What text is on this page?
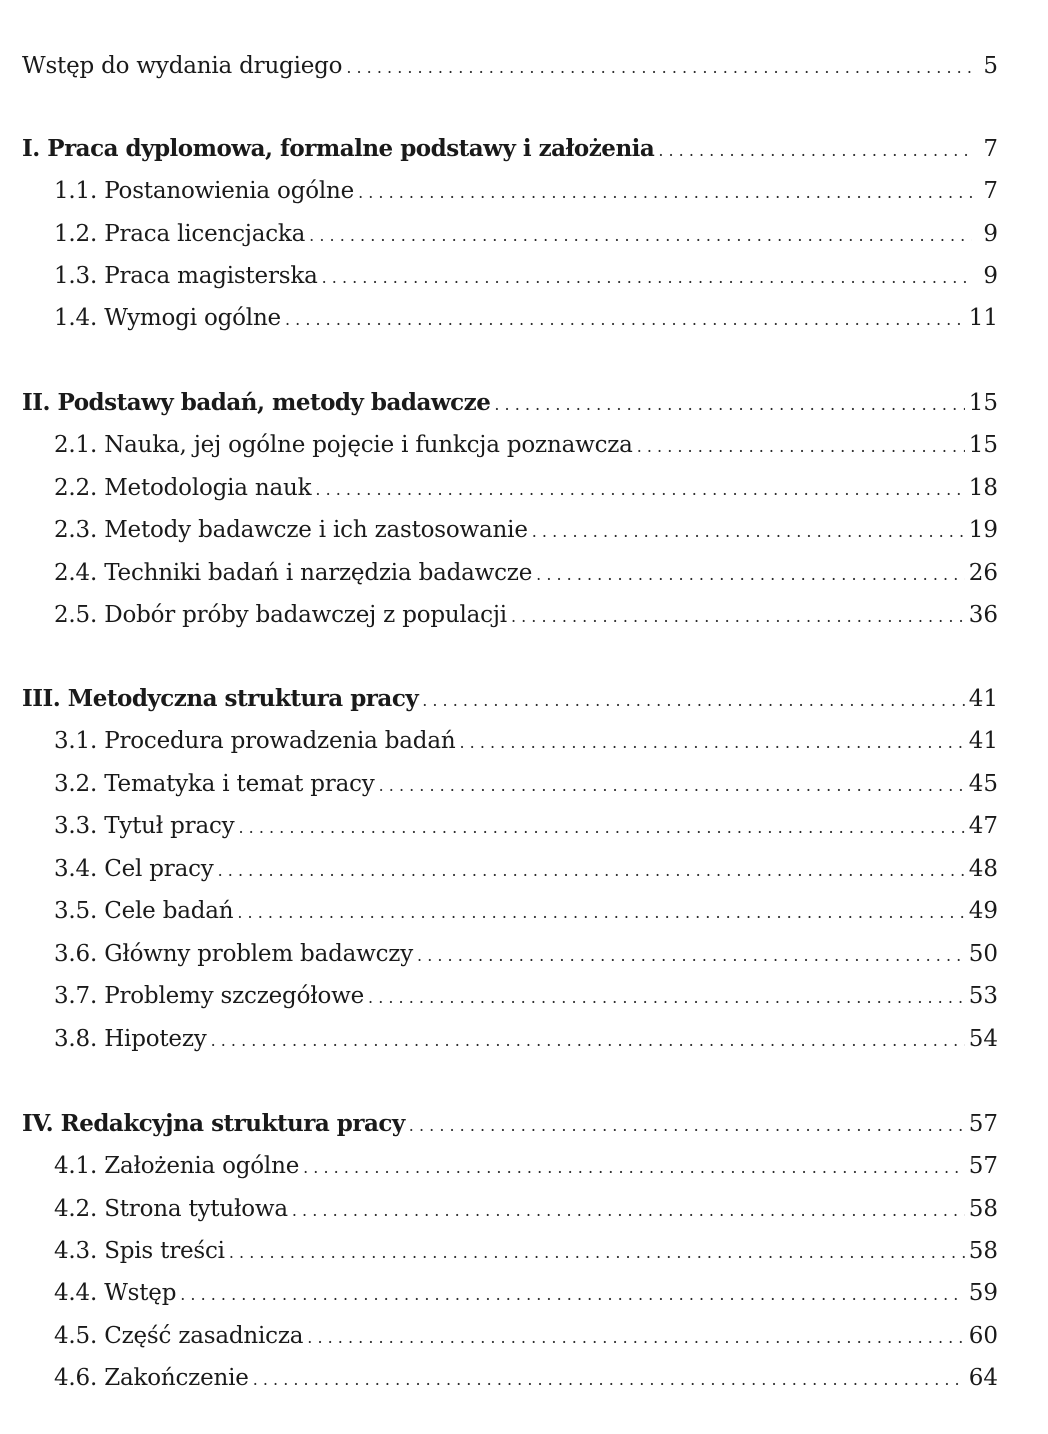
Wstęp do wydania drugiego . . .	5
I. Praca dyplomowa, formalne podstawy i założenia . . .	7
1.1. Postanowienia ogólne . . .	7
1.2. Praca licencjacka . . .	9
1.3. Praca magisterska . . .	9
1.4. Wymogi ogólne . . .	11
II. Podstawy badań, metody badawcze . . .	15
2.1. Nauka, jej ogólne pojęcie i funkcja poznawcza . . .	15
2.2. Metodologia nauk . . .	18
2.3. Metody badawcze i ich zastosowanie . . .	19
2.4. Techniki badań i narzędzia badawcze . . .	26
2.5. Dobór próby badawczej z populacji . . .	36
III. Metodyczna struktura pracy . . .	41
3.1. Procedura prowadzenia badań . . .	41
3.2. Tematyka i temat pracy . . .	45
3.3. Tytuł pracy . . .	47
3.4. Cel pracy . . .	48
3.5. Cele badań . . .	49
3.6. Główny problem badawczy . . .	50
3.7. Problemy szczegółowe . . .	53
3.8. Hipotezy . . .	54
IV. Redakcyjna struktura pracy . . .	57
4.1. Założenia ogólne . . .	57
4.2. Strona tytułowa . . .	58
4.3. Spis treści . . .	58
4.4. Wstęp . . .	59
4.5. Część zasadnicza . . .	60
4.6. Zakończenie . . .	64
